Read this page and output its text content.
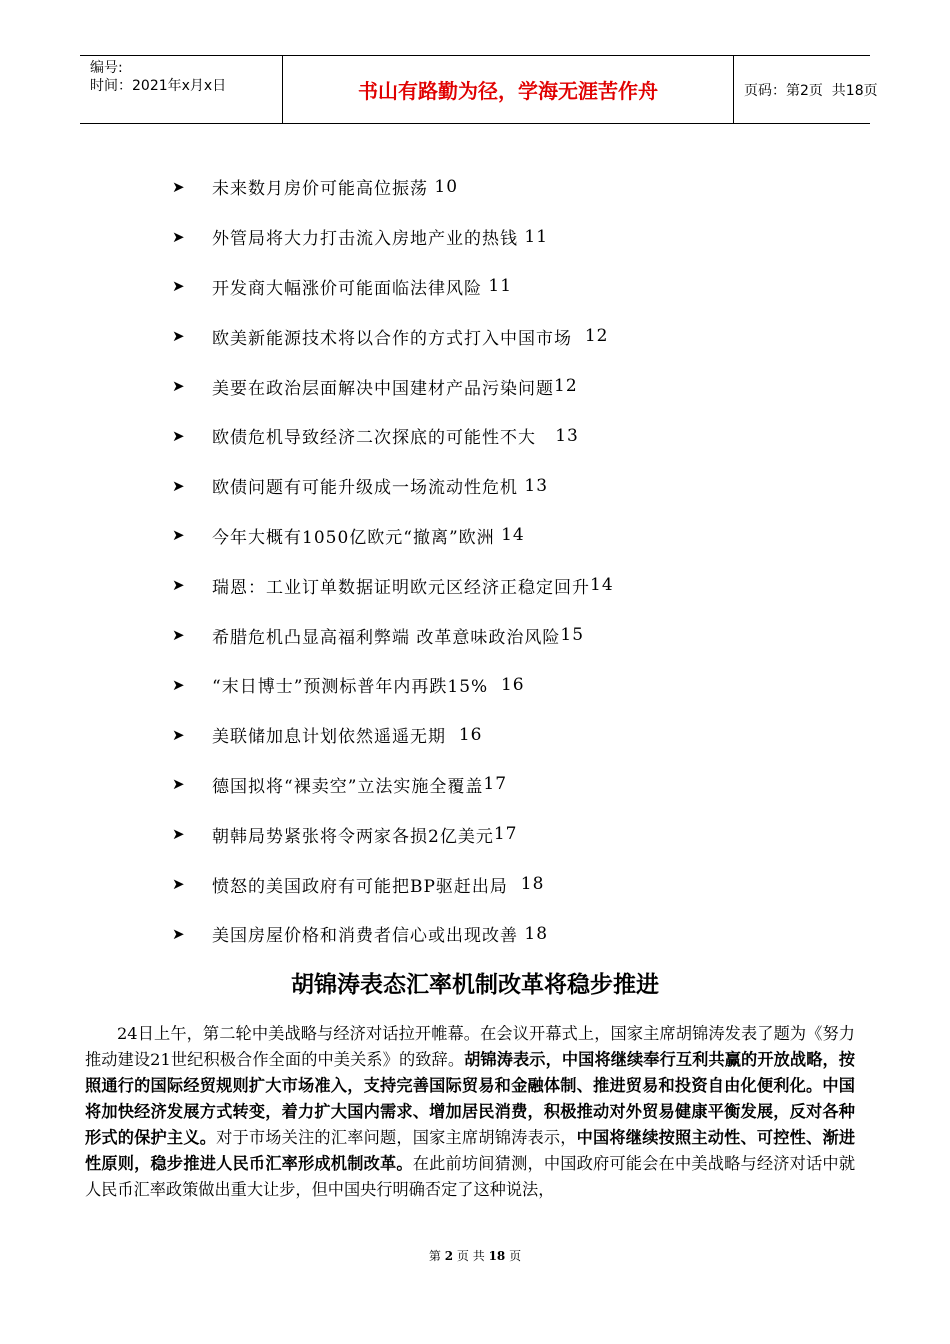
编号:
时间：2021年x月x日	书山有路勤为径，学海无涯苦作舟	页码：第2页  共18页
➤	未来数月房价可能高位振荡 10
➤	外管局将大力打击流入房地产业的热钱 11
➤	开发商大幅涨价可能面临法律风险 11
➤	欧美新能源技术将以合作的方式打入中国市场 12
➤	美要在政治层面解决中国建材产品污染问题 12
➤	欧债危机导致经济二次探底的可能性不大 13
➤	欧债问题有可能升级成一场流动性危机 13
➤	今年大概有1050亿欧元“撤离”欧洲 14
➤	瑞恩：工业订单数据证明欧元区经济正稳定回升 14
➤	希腊危机凸显高福利弊端 改革意味政治风险 15
➤	“末日博士”预测标普年内再跌15% 16
➤	美联储加息计划依然遥遥无期 16
➤	德国拟将“裸卖空”立法实施全覆盖 17
➤	朝韩局势紧张将令两家各损2亿美元 17
➤	愤怒的美国政府有可能把BP驱赶出局 18
➤	美国房屋价格和消费者信心或出现改善 18
胡锦涛表态汇率机制改革将稳步推进

24日上午，第二轮中美战略与经济对话拉开帷幕。在会议开幕式上，国家主席胡锦涛发表了题为《努力推动建设21世纪积极合作全面的中美关系》的致辞。胡锦涛表示，中国将继续奉行互利共赢的开放战略，按照通行的国际经贸规则扩大市场准入，支持完善国际贸易和金融体制、推进贸易和投资自由化便利化。中国将加快经济发展方式转变，着力扩大国内需求、增加居民消费，积极推动对外贸易健康平衡发展，反对各种形式的保护主义。对于市场关注的汇率问题，国家主席胡锦涛表示，中国将继续按照主动性、可控性、渐进性原则，稳步推进人民币汇率形成机制改革。在此前坊间猜测，中国政府可能会在中美战略与经济对话中就人民币汇率政策做出重大让步，但中国央行明确否定了这种说法，

第 2 页 共 18 页
